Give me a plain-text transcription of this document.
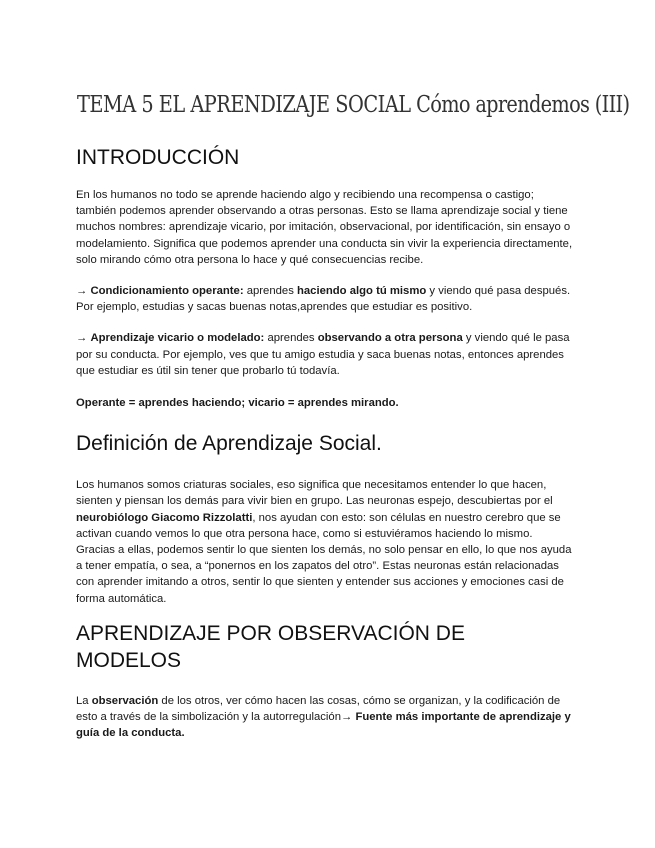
TEMA 5 EL APRENDIZAJE SOCIAL Cómo aprendemos (III)
INTRODUCCIÓN

En los humanos no todo se aprende haciendo algo y recibiendo una recompensa o castigo; también podemos aprender observando a otras personas. Esto se llama aprendizaje social y tiene muchos nombres: aprendizaje vicario, por imitación, observacional, por identificación, sin ensayo o modelamiento. Significa que podemos aprender una conducta sin vivir la experiencia directamente, solo mirando cómo otra persona lo hace y qué consecuencias recibe.

→ Condicionamiento operante: aprendes haciendo algo tú mismo y viendo qué pasa después. Por ejemplo, estudias y sacas buenas notas,aprendes que estudiar es positivo.

→ Aprendizaje vicario o modelado: aprendes observando a otra persona y viendo qué le pasa por su conducta. Por ejemplo, ves que tu amigo estudia y saca buenas notas, entonces aprendes que estudiar es útil sin tener que probarlo tú todavía.

Operante = aprendes haciendo; vicario = aprendes mirando.

Definición de Aprendizaje Social.

Los humanos somos criaturas sociales, eso significa que necesitamos entender lo que hacen, sienten y piensan los demás para vivir bien en grupo. Las neuronas espejo, descubiertas por el neurobiólogo Giacomo Rizzolatti, nos ayudan con esto: son células en nuestro cerebro que se activan cuando vemos lo que otra persona hace, como si estuviéramos haciendo lo mismo. Gracias a ellas, podemos sentir lo que sienten los demás, no solo pensar en ello, lo que nos ayuda a tener empatía, o sea, a “ponernos en los zapatos del otro”. Estas neuronas están relacionadas con aprender imitando a otros, sentir lo que sienten y entender sus acciones y emociones casi de forma automática.

APRENDIZAJE POR OBSERVACIÓN DE MODELOS

La observación de los otros, ver cómo hacen las cosas, cómo se organizan, y la codificación de esto a través de la simbolización y la autorregulación→ Fuente más importante de aprendizaje y guía de la conducta.
